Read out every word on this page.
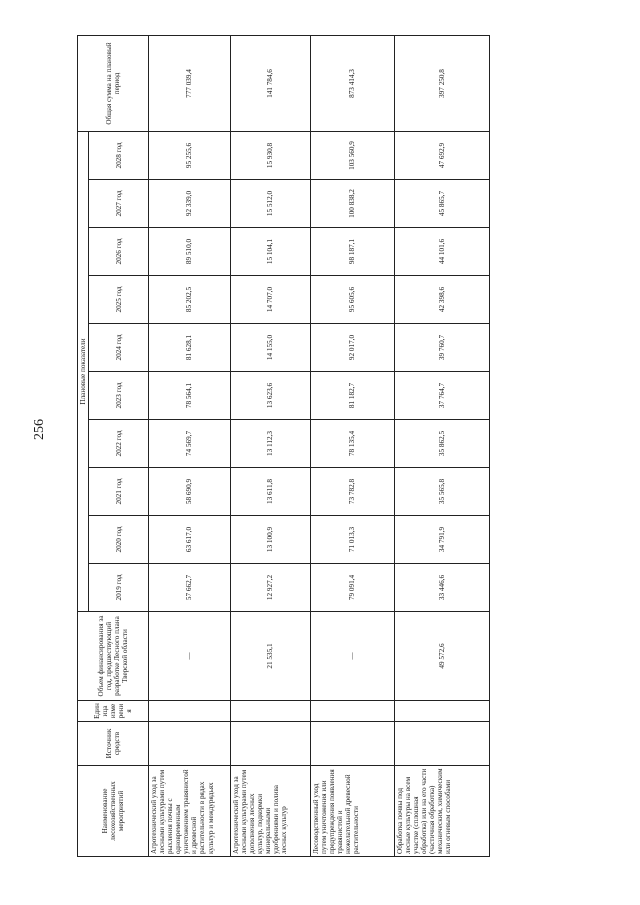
256
Наименование лесохозяйственных мероприятий	Источник средств	Единица измерения	Объем финансирования за год, предшествующий разработке Лесного плана Тверской области	Плановые показатели										Общая сумма на плановый период
				2019 год	2020 год	2021 год	2022 год	2023 год	2024 год	2025 год	2026 год	2027 год	2028 год	
Агротехнический уход за лесными культурами путем рыхления почвы с одновременным уничтожением травянистой и древесной растительности в рядах культур и междурядьях			—	57 662,7	63 617,0	58 690,9	74 569,7	78 564,1	81 628,1	85 202,5	89 510,0	92 339,0	95 255,6	777 039,4
Агротехнический уход за лесными культурами путем дополнения лесных культур, подкормки минеральными удобрениями и полива лесных культур			21 535,1	12 927,2	13 100,9	13 611,8	13 112,3	13 623,6	14 155,0	14 707,0	15 104,1	15 512,0	15 930,8	141 784,6
Лесоводственный уход путем уничтожения или предупреждения появления травянистой и нежелательной древесной растительности			—	79 091,4	71 013,3	73 782,8	78 135,4	81 182,7	92 017,0	95 605,6	98 187,1	100 838,2	103 560,9	873 414,3
Обработка почвы под лесные культуры на всем участке (сплошная обработка) или на его части (частичная обработка) механическим, химическим или огневым способами			49 572,6	33 446,6	34 791,9	35 565,8	35 862,5	37 764,7	39 760,7	42 398,6	44 101,6	45 865,7	47 692,9	397 250,8
